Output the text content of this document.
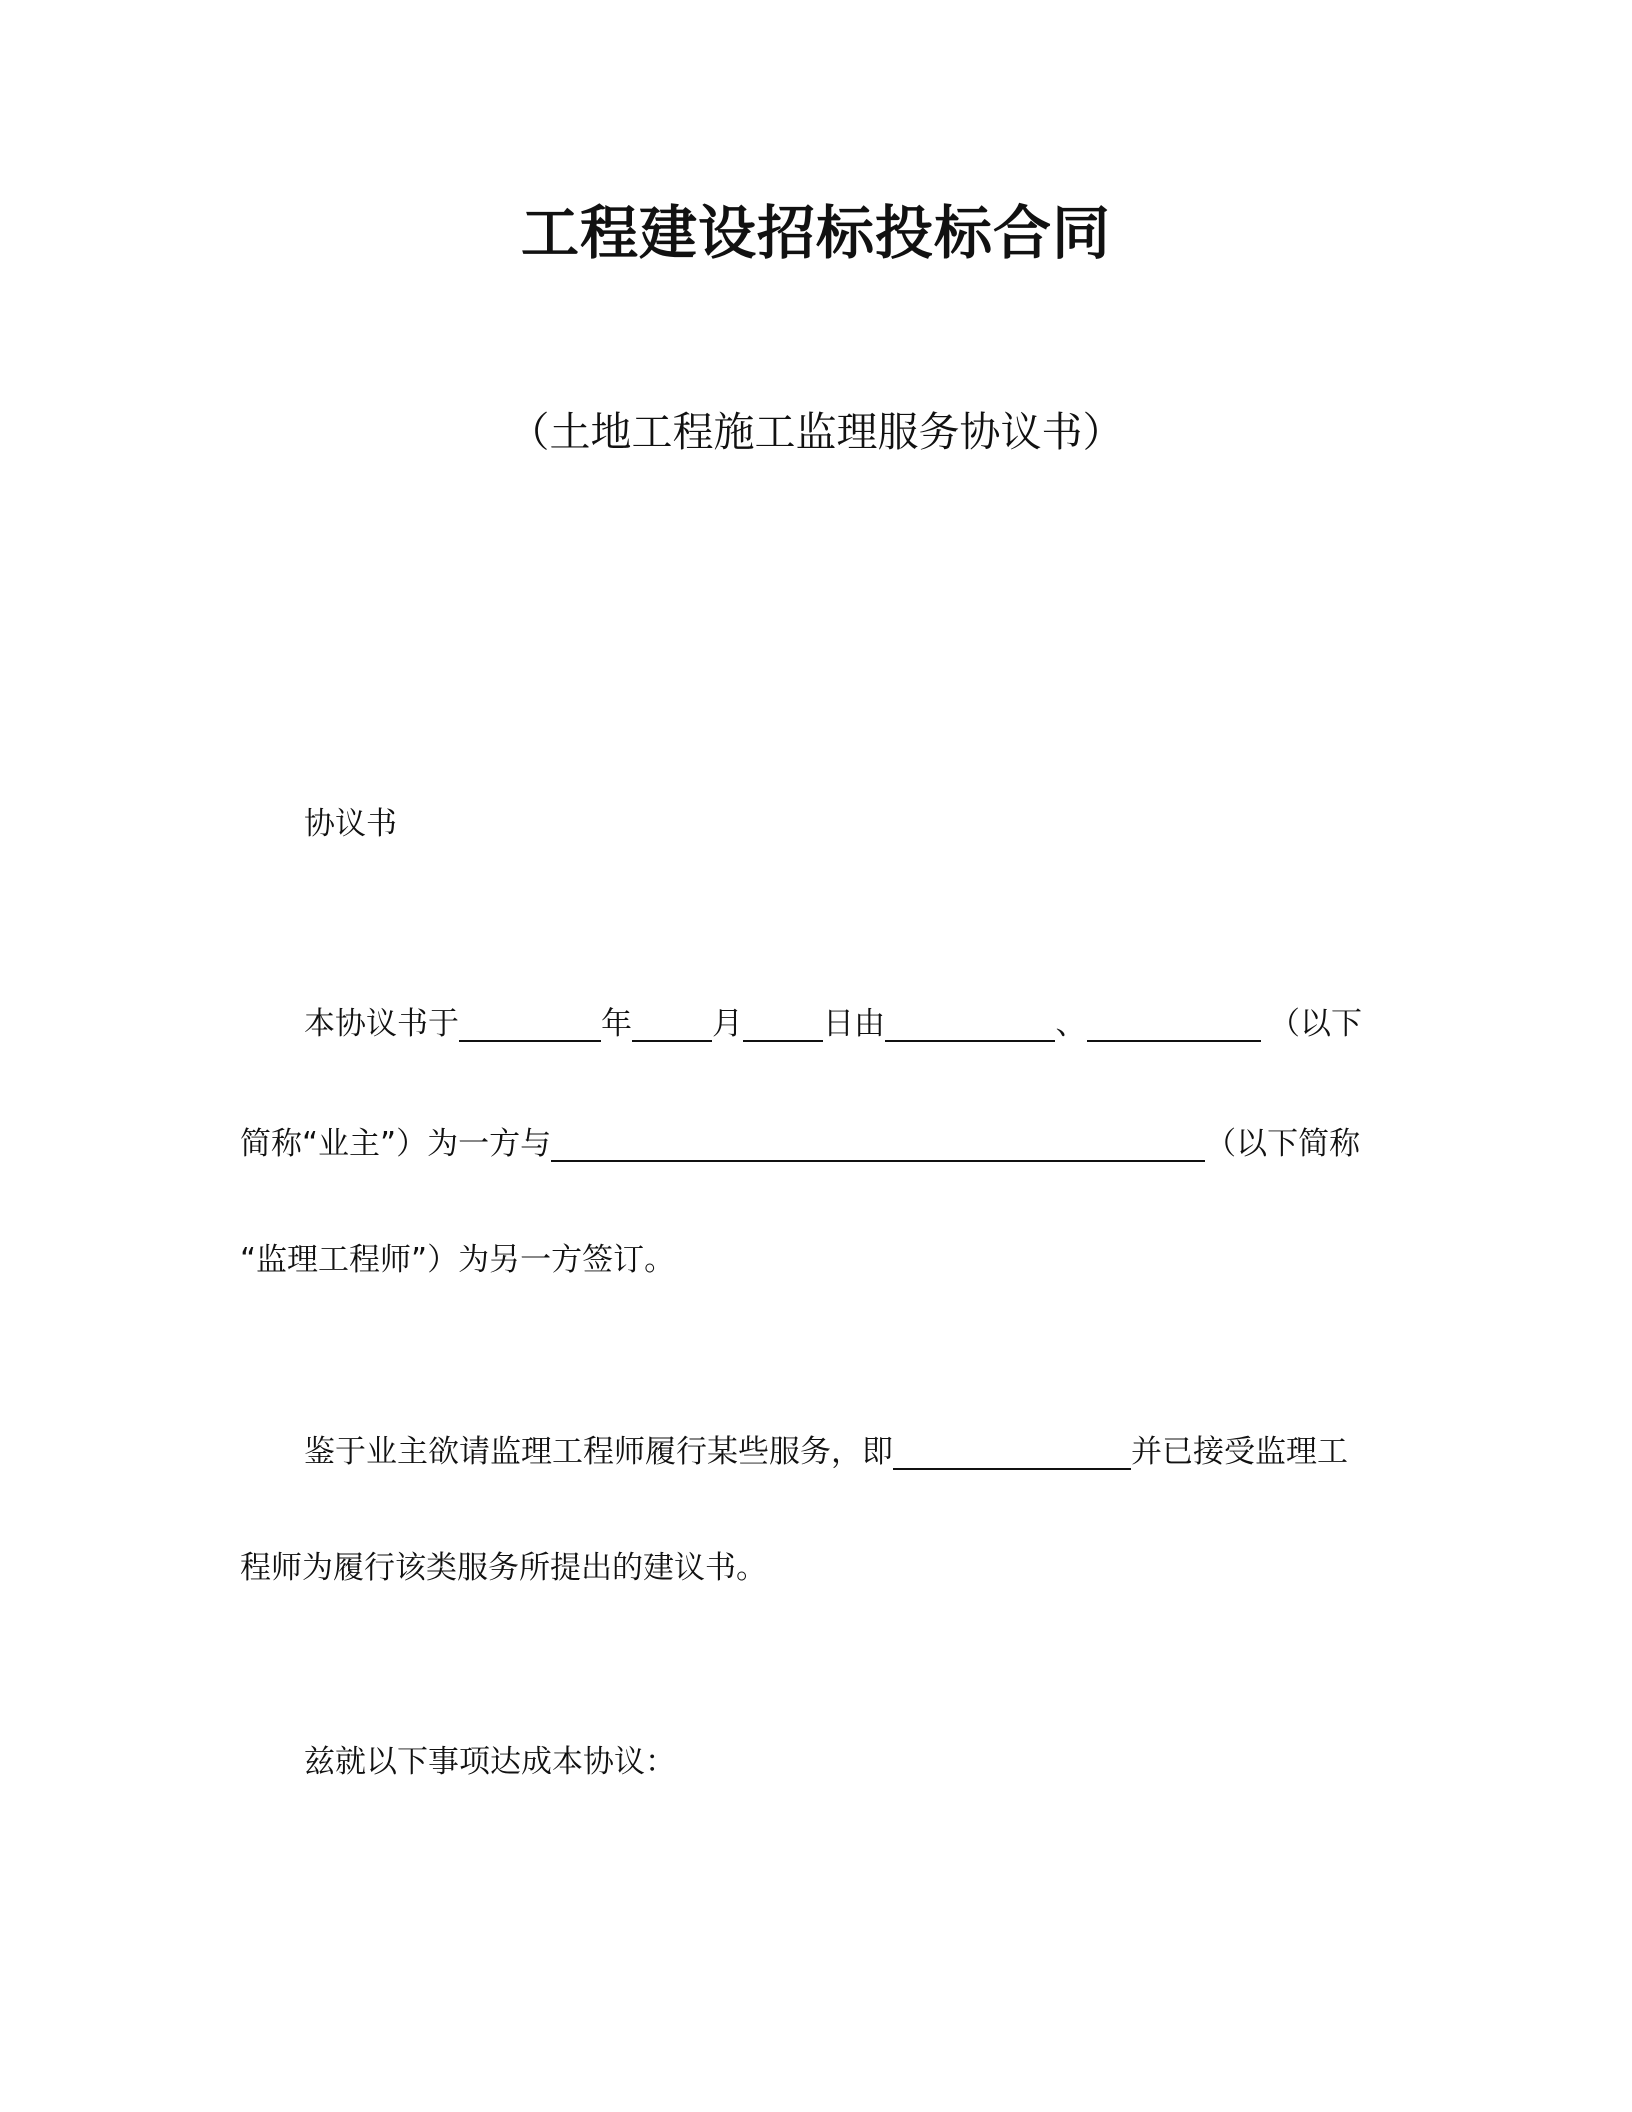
工程建设招标投标合同
（土地工程施工监理服务协议书）
协议书
本协议书于	年	月	日由	、	（以下
简称“业主”）为一方与	（以下简称
“监理工程师”）为另一方签订。
鉴于业主欲请监理工程师履行某些服务，即	并已接受监理工
程师为履行该类服务所提出的建议书。
兹就以下事项达成本协议：
